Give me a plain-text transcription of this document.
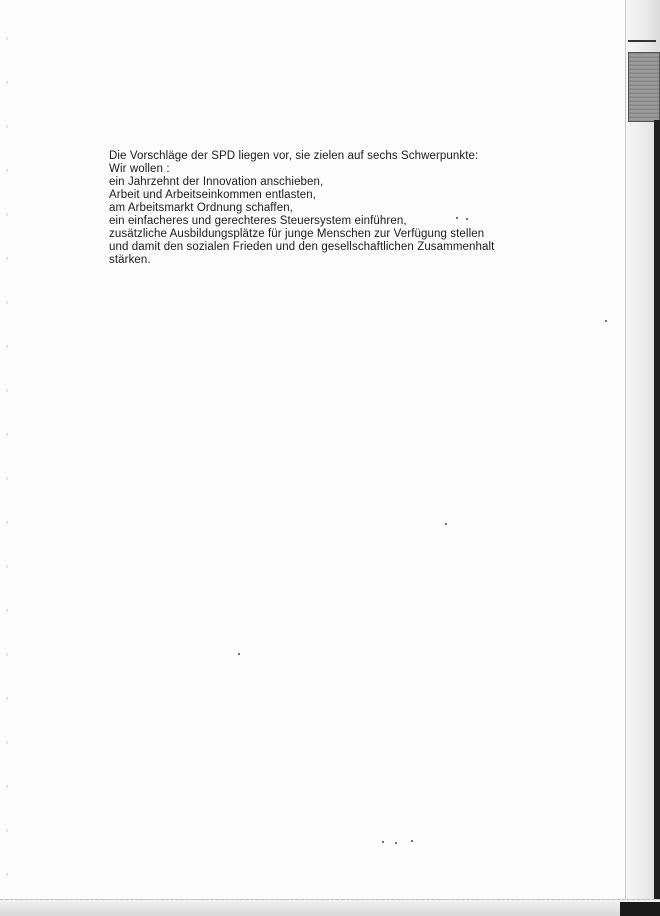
Die Vorschläge der SPD liegen vor, sie zielen auf sechs Schwerpunkte:

Wir wollen :

ein Jahrzehnt der Innovation anschieben,

Arbeit und Arbeitseinkommen entlasten,

am Arbeitsmarkt Ordnung schaffen,

ein einfacheres und gerechteres Steuersystem einführen,

zusätzliche Ausbildungsplätze für junge Menschen zur Verfügung stellen

und damit den sozialen Frieden und den gesellschaftlichen Zusammenhalt

stärken.
